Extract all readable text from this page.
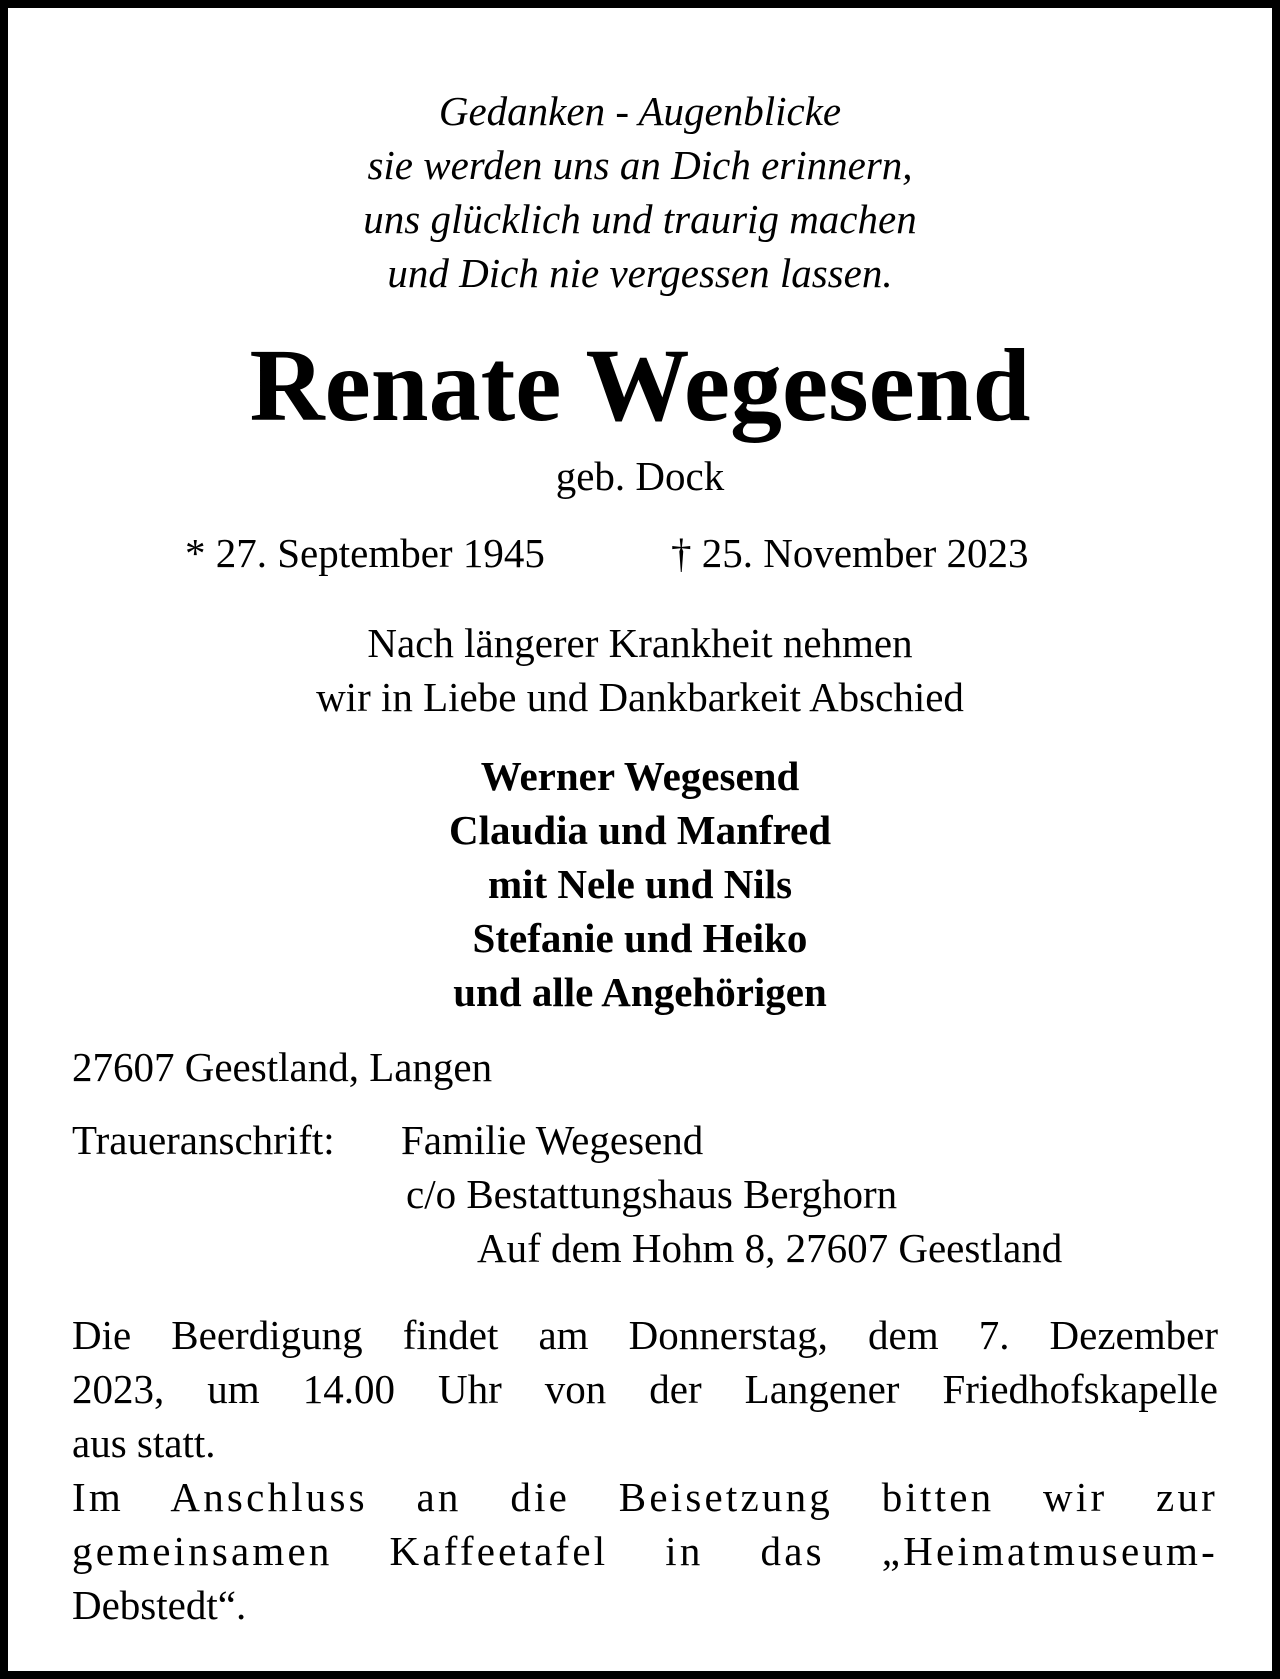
Gedanken - Augenblicke
sie werden uns an Dich erinnern,
uns glücklich und traurig machen
und Dich nie vergessen lassen.
Renate Wegesend
geb. Dock
* 27. September 1945	† 25. November 2023
Nach längerer Krankheit nehmen
wir in Liebe und Dankbarkeit Abschied
Werner Wegesend
Claudia und Manfred
mit Nele und Nils
Stefanie und Heiko
und alle Angehörigen
27607 Geestland, Langen
Traueranschrift: Familie Wegesend
c/o Bestattungshaus Berghorn
Auf dem Hohm 8, 27607 Geestland
Die Beerdigung findet am Donnerstag, dem 7. Dezember
2023, um 14.00 Uhr von der Langener Friedhofskapelle
aus statt.
Im Anschluss an die Beisetzung bitten wir zur
gemeinsamen Kaffeetafel in das „Heimatmuseum-
Debstedt“.
